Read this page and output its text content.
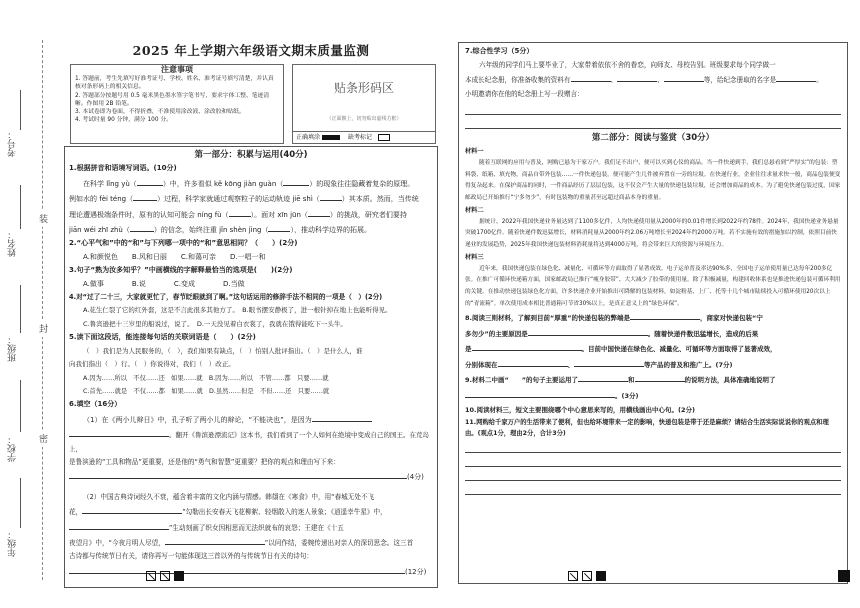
装
封
密
考号：
姓名：
班级：
学校：
年级：
2025 年上学期六年级语文期末质量监测
注意事项
1. 答题前，考生先填写好准考证号、学校、姓名、准考证号填写清楚，并认真核对条形码上的相关信息。
2. 答题部分按题号用 0.5 毫米黑色墨水签字笔书写，要求字体工整、笔迹清晰。作图用 2B 铅笔。
3. 本试卷即为卷面，不得折叠，不准使用涂改液、涂改胶和贴纸。
4. 考试时量 90 分钟，满分 100 分。
贴条形码区
（正面朝上，切勿贴出虚线方框）
正确填涂	缺考标记
第一部分：积累与运用(40分)

1.根据拼音和语境写词语。(10分)

在科学 lǐng yù（	）中，许多看似 kě kōng jiàn guàn（	）的现象往往隐藏着复杂的原理。

例如水的 fèi téng（	）过程，科学家就通过观察粒子的运动轨迹 jiē shì（	）其本质。然而，当传统

理论遭遇极端条件时，原有的认知可能会 níng fù（	）。面对 xīn jūn（	）的挑战，研究者们要持

jiān wéi zhī zhù（	）的信念，始终注重 jǐn shèn jìng（	），推动科学边界的拓展。

2.“心平气和”中的“和”与下列哪一项中的“和”意思相同？（　　）(2分)

A.和颜悦色　　B.风和日丽　　C.和蔼可亲　　D.一唱一和

3.句子“熟为汝多知乎？”中画横线的字解释最恰当的选项是(　　)(2分)

A.做事　　　　B.说　　　　C.变成　　　　D.当做

4.对“过了二十三，大家就更忙了，春节眨眼就到了啊。”这句话运用的修辞手法不相同的一项是（　）(2分)

A.花生仁裂了它的红外套，这是不言此很多其他方了。　 B.眼书摆安静极了，进一根针掉在地上也能听得见。

C.鲁宾逊把十三岁里的船说过，说了。　 D.一天没见着白衣裳了，我就在饿得能吃下一头牛。

5.读下面这段话，能连接每句话的关联词语是（　　）(2分)

（　）我们是为人民服务的，（　），我们如果有缺点，（　）怕别人批评指出。（　）是什么人，谁

向我们指出（　）行。（　）你说得对，我们（　）改正。

A.因为……所以　不仅……还　如果……就　B.因为……所以　不管……都　只要……就

C.首先……就是　不仅……都　如果……就　D.虽然……但是　不但……还　只要……就

6.填空（16分）

（1）在《两小儿辩日》中，孔子听了两小儿的辩论，“不能决也”，是因为

。翻开《鲁滨逊漂流记》这本书，我们看到了一个人如何在绝境中变成自己的国王。在荒岛上，

是鲁滨逊的“工具和物品”更重要，还是他的“勇气和智慧”更重要？把你的观点和理由写下来：

(4分)

（2）中国古典诗词经久不衰，蕴含着丰富的文化内涵与情感。韩翃在《寒食》中，用“春城无处不飞

花，	”勾勒出长安春天飞花柳絮、轻烟散入的迷人景象；《逍遥幸牛星》中，

”生动刻画了织女因相思而无法织就布的哀怨；王建在《十五

夜望月》中，“今夜月明人尽望，	”以问作结，委婉传递出对亲人的深切思念。这三首

古诗都与传统节日有关，请你再写一句能体现这三首以外的与传统节日有关的诗句：

(12分)

7.综合性学习（5分）

六年级的同学们马上要毕业了，大家带着依依不舍的眷恋，向师友、母校告别。班级要求每个同学做一

本成长纪念册，你准备收集的资料有	、	、	等，给纪念册取的名字是	。

小明邀请你在他的纪念册上写一段赠言：

第二部分：阅读与鉴赏（30分）

材料一

随着互联网的应用与普及，网购已悬为干家万户。我们足不出户，便可以买到心仪的商品。当一件快递到手，我们总悬看到“严厚实”的包装：塑料袋、纸箱、填充物，商品自带外包装……一件快递包装，便可能产生几件被弃置在一旁的垃圾。在快递行业，企业往往求量求快一般，商品包装便变得复杂起来。在保护商品的同时，一件商品经历了层层包装，这不仅会产生大量的快递包装垃圾，还会增加商品的成本。为了避免快递包装过度，国家邮政局已开始推行“宁多勿少”，有时包装物的重量甚至远超过商品本身的重量。

材料二

据统计，2022年我国快递业务量达到了1100多亿件，人均快递使用量从2000年的0.01件增长到2022年约78件。2024年，我国快递业务悬量突破1700亿件。随着快递件数迅猛增长，材料消耗量从2000年约2.06万吨增长至2024年约2000万吨。若不实施有效的措施加以控制，依照目前快递业的发展趋势，2025年我国快递包装材料消耗量将达到4000万吨，将会带来巨大的资源与环境压力。

材料三

近年来，我国快递包装在绿色化、减量化、可循环等方面取得了显著成效。电子运单普及率达90%多，全国电子运单使用量已达每年200多亿张。在推广可循环快递箱方面，国家邮政局已推行“瘦身胶带”、大大减少了胶带的使用量。除了积极减量，构建回收体系也是推进快递包装可循环利用的关键。在推动快递包装绿色化方面，许多快递企业开始推出可降解的包装材料，如淀粉基、上厂、托等十几个城市陆续投入可循环使用20次以上的“青流箱”。单次使用成本相比普通箱可节省30%以上，是真正意义上的“绿色环保”。

8.阅读三则材料，了解到目前“厚重”的快递包装的弊端是	，商家对快递包装“宁

多勿少”的主要原因是	。随着快递件数迅猛增长，造成的后果

是	。目前中国快递在绿色化、减量化、可循环等方面取得了显著成效，

分别体现在	、	等产品的普及和推广上。(7分)

9.材料二中画“　　”的句子主要运用了	和	的说明方法，具体准确地说明了

。(3分)

10.阅读材料三，短文主要围绕哪个中心意思来写的，用横线画出中心句。(2分)

11.网购给千家万户的生活带来了便利，但也给环境带来一定的影响，快递包装是带于还是麻烦？请结合生活实际说说你的观点和理由。(观点1分，理由2分，合计3分)
